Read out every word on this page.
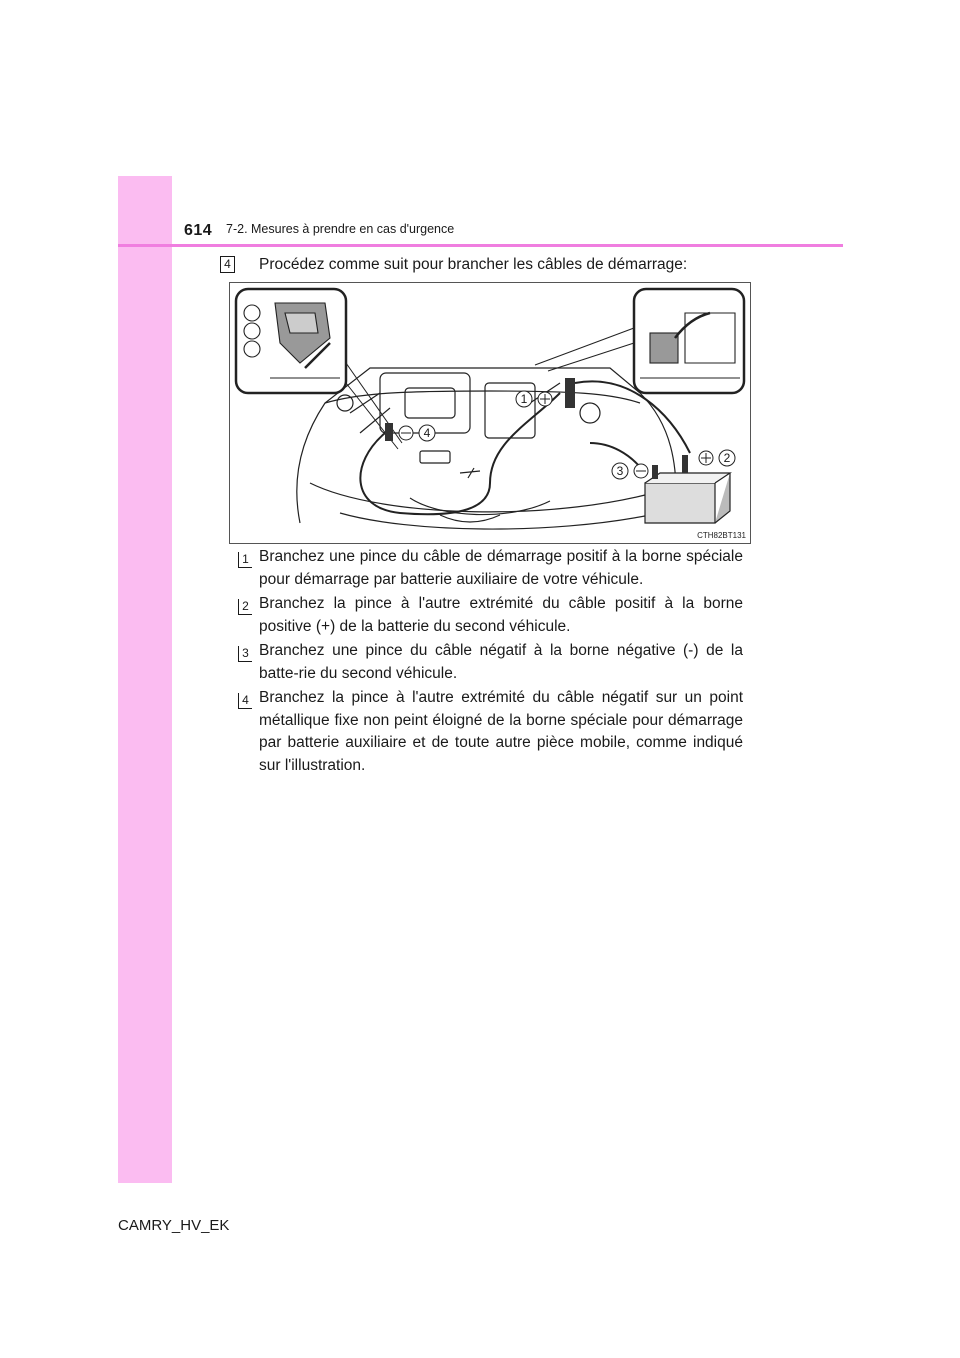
614 7-2. Mesures à prendre en cas d'urgence
4 Procédez comme suit pour brancher les câbles de démarrage:
1
4
2
3
CTH82BT131
1 Branchez une pince du câble de démarrage positif à la borne spéciale pour démarrage par batterie auxiliaire de votre véhicule.
2 Branchez la pince à l'autre extrémité du câble positif à la borne positive (+) de la batterie du second véhicule.
3 Branchez une pince du câble négatif à la borne négative (-) de la batte-rie du second véhicule.
4 Branchez la pince à l'autre extrémité du câble négatif sur un point métallique fixe non peint éloigné de la borne spéciale pour démarrage par batterie auxiliaire et de toute autre pièce mobile, comme indiqué sur l'illustration.
CAMRY_HV_EK
